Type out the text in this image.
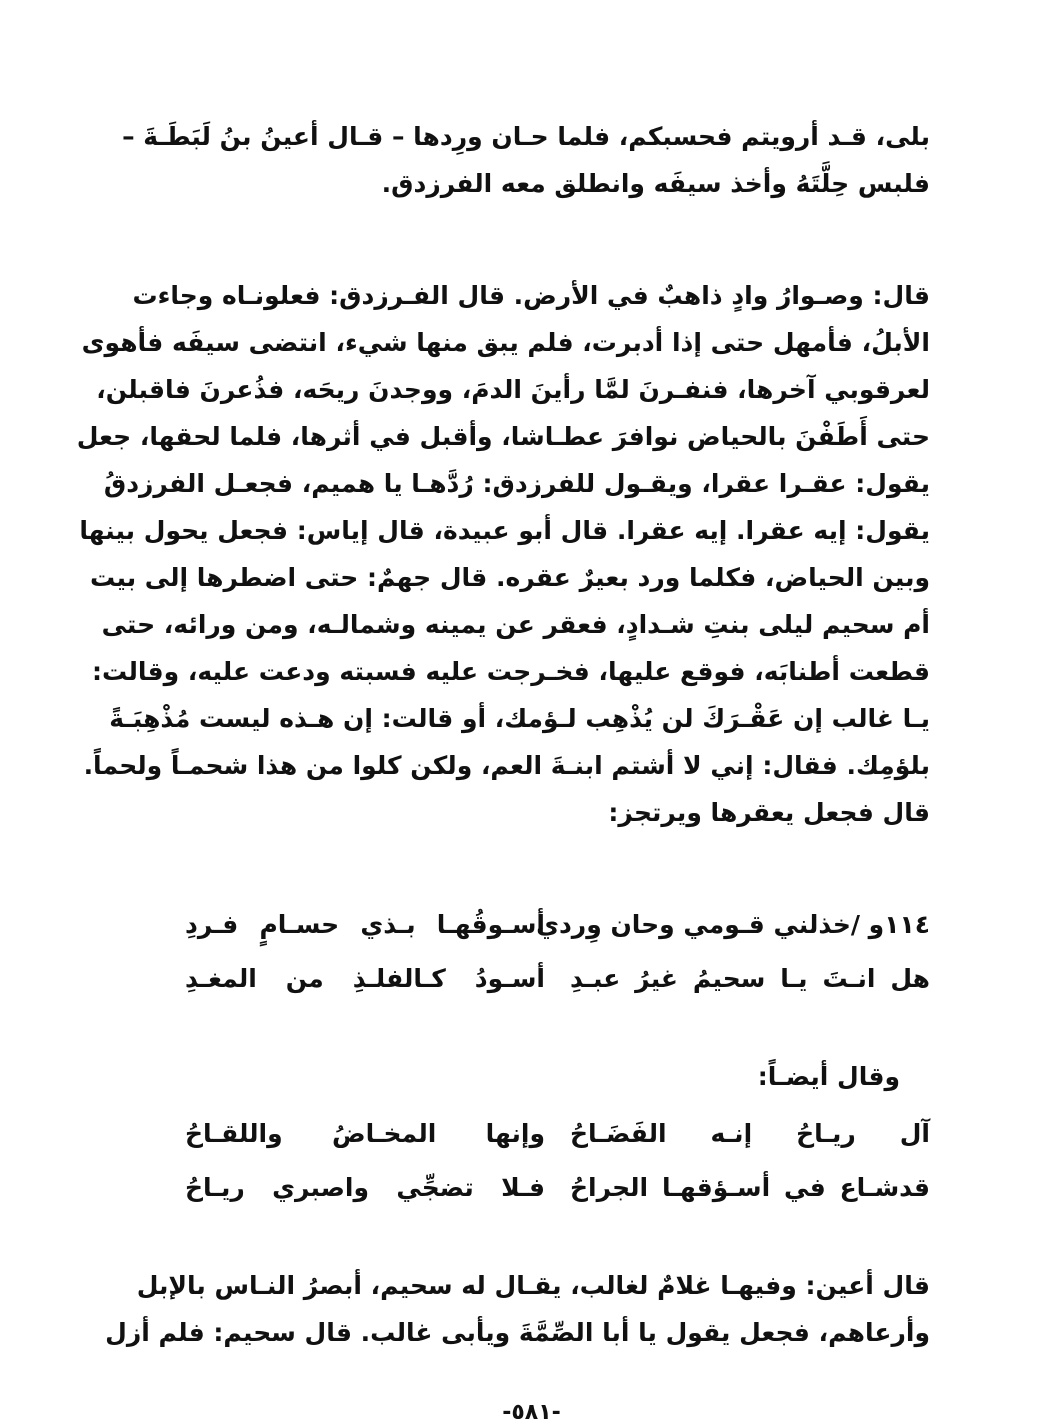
بلى، قـد أرويتم فحسبكم، فلما حـان ورِدها – قـال أعينُ بنُ لَبَطَـةَ –
فلبس حِلَّتَهُ وأخذ سيفَه وانطلق معه الفرزدق.
قال: وصـوارُ وادٍ ذاهبٌ في الأرض. قال الفـرزدق: فعلونـاه وجاءت
الأبلُ، فأمهل حتى إذا أدبرت، فلم يبق منها شيء، انتضى سيفَه فأهوى
لعرقوبي آخرها، فنفـرنَ لمَّا رأينَ الدمَ، ووجدنَ ريحَه، فذُعرنَ فاقبلن،
حتى أَطَفْنَ بالحياض نوافرَ عطـاشا، وأقبل في أثرها، فلما لحقها، جعل
يقول: عقـرا عقرا، ويقـول للفرزدق: رُدَّهـا يا هميم، فجعـل الفرزدقُ
يقول: إيه عقرا. إيه عقرا. قال أبو عبيدة، قال إياس: فجعل يحول بينها
وبين الحياض، فكلما ورد بعيرٌ عقره. قال جهمٌ: حتى اضطرها إلى بيت
أم سحيم ليلى بنتِ شـدادٍ، فعقر عن يمينه وشمالـه، ومن ورائه، حتى
قطعت أطنابَه، فوقع عليها، فخـرجت عليه فسبته ودعت عليه، وقالت:
يـا غالب إن عَقْـرَكَ لن يُذْهِب لـؤمك، أو قالت: إن هـذه ليست مُذْهِبَـةً
بلؤمِك. فقال: إني لا أشتم ابنـةَ العم، ولكن كلوا من هذا شحمـاً ولحماً.
قال فجعل يعقرها ويرتجز:
١١٤و /خذلني قـومي وحان وِردي
أسـوقُهـا بـذي حسـامٍ فـردِ
هل انـتَ يـا سحيمُ غيرُ عبـدِ
أسـودُ كـالفلـذِ من المغـدِ
وقال أيضـاً:
آل ريـاحُ إنـه الفَضَـاحُ
وإنها المخـاضُ واللقـاحُ
قدشـاع في أسـؤقهـا الجراحُ
فـلا تضجِّي واصبري ريـاحُ
قال أعين: وفيهـا غلامٌ لغالب، يقـال له سحيم، أبصرُ النـاس بالإبل
وأرعاهم، فجعل يقول يا أبا الصِّمَّةَ ويأبى غالب. قال سحيم: فلم أزل
-٥٨١-
